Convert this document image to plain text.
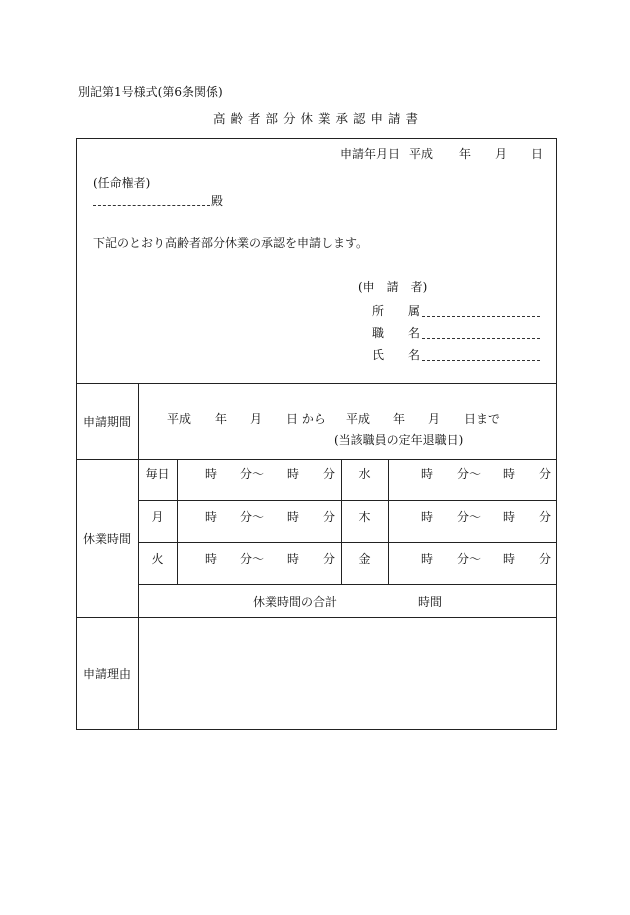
別記第1号様式(第6条関係)
高齢者部分休業承認申請書
申請年月日 平成 年 月 日
(任命権者)
殿
下記のとおり高齢者部分休業の承認を申請します。
(申　請　者)
所　　属
職　　名
氏　　名
申請期間	平成 年 月 日 から 平成 年 月 日まで
(当該職員の定年退職日)
休業時間
毎日	時 分〜 時 分	水	時 分〜 時 分
月	時 分〜 時 分	木	時 分〜 時 分
火	時 分〜 時 分	金	時 分〜 時 分
休業時間の合計	時間
申請理由
